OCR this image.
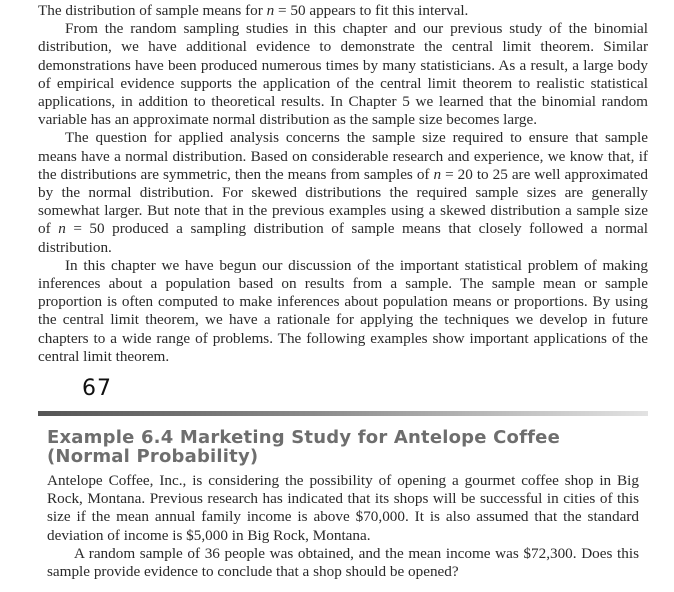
The distribution of sample means for n = 50 appears to fit this interval.

From the random sampling studies in this chapter and our previous study of the binomial distribution, we have additional evidence to demonstrate the central limit theorem. Similar demonstrations have been produced numerous times by many statisticians. As a result, a large body of empirical evidence supports the application of the central limit theorem to realistic statistical applications, in addition to theoretical results. In Chapter 5 we learned that the binomial random variable has an approximate normal distribution as the sample size becomes large.

The question for applied analysis concerns the sample size required to ensure that sample means have a normal distribution. Based on considerable research and experience, we know that, if the distributions are symmetric, then the means from samples of n = 20 to 25 are well approximated by the normal distribution. For skewed distributions the required sample sizes are generally somewhat larger. But note that in the previous examples using a skewed distribution a sample size of n = 50 produced a sampling distribution of sample means that closely followed a normal distribution.

In this chapter we have begun our discussion of the important statistical problem of making inferences about a population based on results from a sample. The sample mean or sample proportion is often computed to make inferences about population means or proportions. By using the central limit theorem, we have a rationale for applying the techniques we develop in future chapters to a wide range of problems. The following examples show important applications of the central limit theorem.

67
Example 6.4 Marketing Study for Antelope Coffee
(Normal Probability)

Antelope Coffee, Inc., is considering the possibility of opening a gourmet coffee shop in Big Rock, Montana. Previous research has indicated that its shops will be successful in cities of this size if the mean annual family income is above $70,000. It is also assumed that the standard deviation of income is $5,000 in Big Rock, Montana.

A random sample of 36 people was obtained, and the mean income was $72,300. Does this sample provide evidence to conclude that a shop should be opened?
